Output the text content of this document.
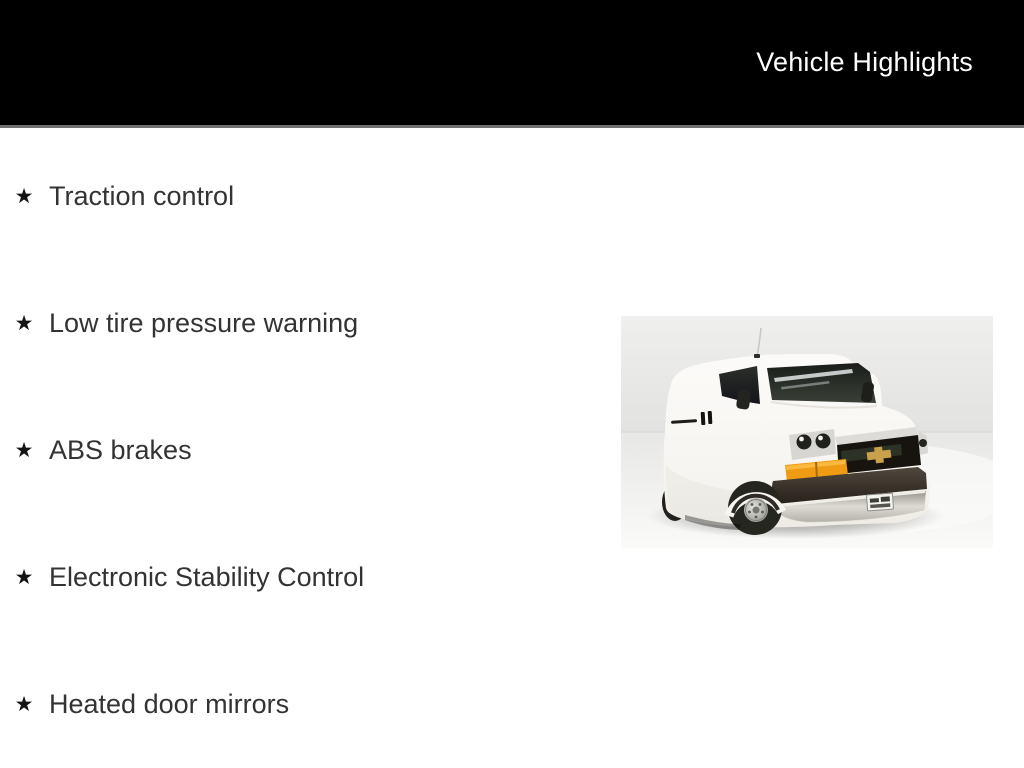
Vehicle Highlights
★ Traction control
★ Low tire pressure warning
★ ABS brakes
★ Electronic Stability Control
★ Heated door mirrors
